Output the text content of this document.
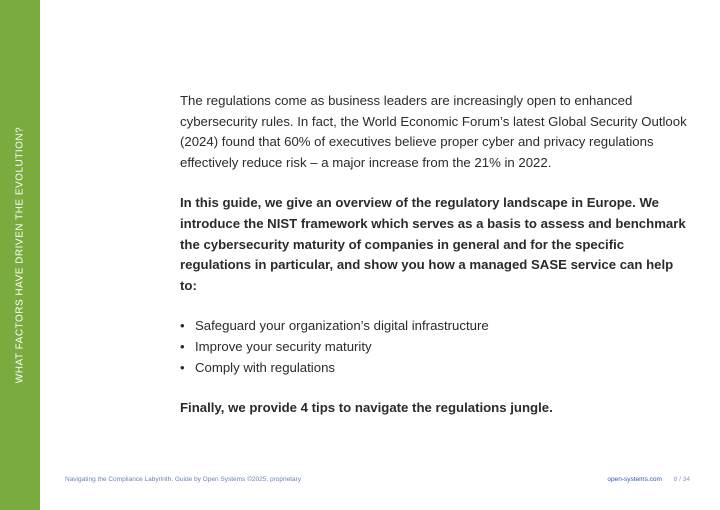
WHAT FACTORS HAVE DRIVEN THE EVOLUTION?

The regulations come as business leaders are increasingly open to enhanced cybersecurity rules. In fact, the World Economic Forum’s latest Global Security Outlook (2024) found that 60% of executives believe proper cyber and privacy regulations effectively reduce risk – a major increase from the 21% in 2022.

In this guide, we give an overview of the regulatory landscape in Europe. We introduce the NIST framework which serves as a basis to assess and benchmark the cybersecurity maturity of companies in general and for the specific regulations in particular, and show you how a managed SASE service can help to:

• Safeguard your organization’s digital infrastructure
• Improve your security maturity
• Comply with regulations

Finally, we provide 4 tips to navigate the regulations jungle.

Navigating the Compliance Labyrinth. Guide by Open Systems ©2025, proprietary	open-systems.com 8 / 34
